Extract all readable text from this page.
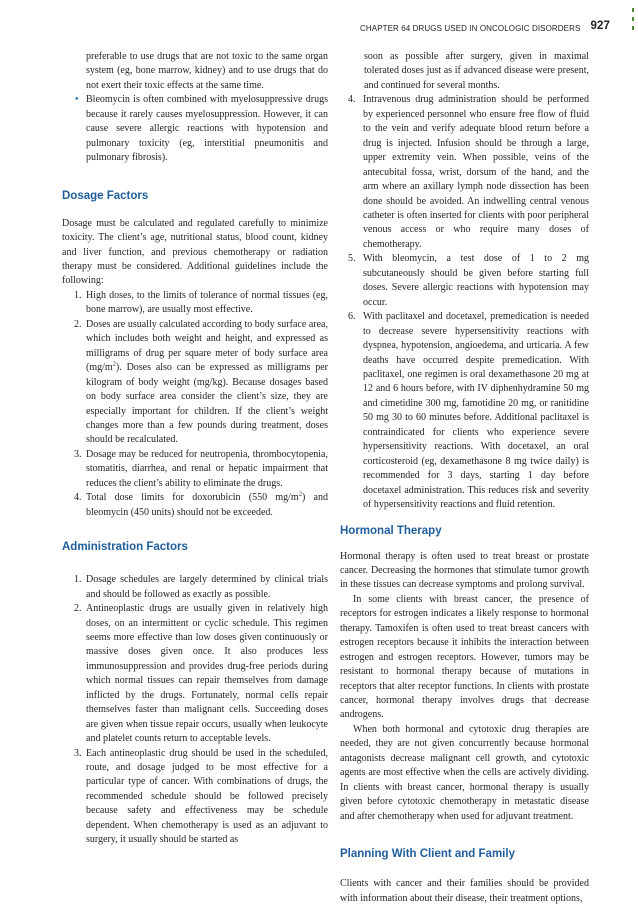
CHAPTER 64 DRUGS USED IN ONCOLOGIC DISORDERS 927

preferable to use drugs that are not toxic to the same organ system (eg, bone marrow, kidney) and to use drugs that do not exert their toxic effects at the same time.

• Bleomycin is often combined with myelosuppressive drugs because it rarely causes myelosuppression. However, it can cause severe allergic reactions with hypotension and pulmonary toxicity (eg, interstitial pneumonitis and pulmonary fibrosis).
Dosage Factors

Dosage must be calculated and regulated carefully to minimize toxicity. The client’s age, nutritional status, blood count, kidney and liver function, and previous chemotherapy or radiation therapy must be considered. Additional guidelines include the following:

1. High doses, to the limits of tolerance of normal tissues (eg, bone marrow), are usually most effective.
2. Doses are usually calculated according to body surface area, which includes both weight and height, and expressed as milligrams of drug per square meter of body surface area $(mg/m^2)$. Doses also can be expressed as milligrams per kilogram of body weight (mg/kg). Because dosages based on body surface area consider the client’s size, they are especially important for children. If the client’s weight changes more than a few pounds during treatment, doses should be recalculated.
3. Dosage may be reduced for neutropenia, thrombocytopenia, stomatitis, diarrhea, and renal or hepatic impairment that reduces the client’s ability to eliminate the drugs.
4. Total dose limits for doxorubicin (550 $mg/m^2$) and bleomycin (450 units) should not be exceeded.
Administration Factors
1. Dosage schedules are largely determined by clinical trials and should be followed as exactly as possible.
2. Antineoplastic drugs are usually given in relatively high doses, on an intermittent or cyclic schedule. This regimen seems more effective than low doses given continuously or massive doses given once. It also produces less immunosuppression and provides drug-free periods during which normal tissues can repair themselves from damage inflicted by the drugs. Fortunately, normal cells repair themselves faster than malignant cells. Succeeding doses are given when tissue repair occurs, usually when leukocyte and platelet counts return to acceptable levels.
3. Each antineoplastic drug should be used in the scheduled, route, and dosage judged to be most effective for a particular type of cancer. With combinations of drugs, the recommended schedule should be followed precisely because safety and effectiveness may be schedule dependent. When chemotherapy is used as an adjuvant to surgery, it usually should be started as

soon as possible after surgery, given in maximal tolerated doses just as if advanced disease were present, and continued for several months.

4. Intravenous drug administration should be performed by experienced personnel who ensure free flow of fluid to the vein and verify adequate blood return before a drug is injected. Infusion should be through a large, upper extremity vein. When possible, veins of the antecubital fossa, wrist, dorsum of the hand, and the arm where an axillary lymph node dissection has been done should be avoided. An indwelling central venous catheter is often inserted for clients with poor peripheral venous access or who require many doses of chemotherapy.
5. With bleomycin, a test dose of 1 to 2 mg subcutaneously should be given before starting full doses. Severe allergic reactions with hypotension may occur.
6. With paclitaxel and docetaxel, premedication is needed to decrease severe hypersensitivity reactions with dyspnea, hypotension, angioedema, and urticaria. A few deaths have occurred despite premedication. With paclitaxel, one regimen is oral dexamethasone 20 mg at 12 and 6 hours before, with IV diphenhydramine 50 mg and cimetidine 300 mg, famotidine 20 mg, or ranitidine 50 mg 30 to 60 minutes before. Additional paclitaxel is contraindicated for clients who experience severe hypersensitivity reactions. With docetaxel, an oral corticosteroid (eg, dexamethasone 8 mg twice daily) is recommended for 3 days, starting 1 day before docetaxel administration. This reduces risk and severity of hypersensitivity reactions and fluid retention.
Hormonal Therapy

Hormonal therapy is often used to treat breast or prostate cancer. Decreasing the hormones that stimulate tumor growth in these tissues can decrease symptoms and prolong survival.

In some clients with breast cancer, the presence of receptors for estrogen indicates a likely response to hormonal therapy. Tamoxifen is often used to treat breast cancers with estrogen receptors because it inhibits the interaction between estrogen and estrogen receptors. However, tumors may be resistant to hormonal therapy because of mutations in receptors that alter receptor functions. In clients with prostate cancer, hormonal therapy involves drugs that decrease androgens.

When both hormonal and cytotoxic drug therapies are needed, they are not given concurrently because hormonal antagonists decrease malignant cell growth, and cytotoxic agents are most effective when the cells are actively dividing. In clients with breast cancer, hormonal therapy is usually given before cytotoxic chemotherapy in metastatic disease and after chemotherapy when used for adjuvant treatment.

Planning With Client and Family

Clients with cancer and their families should be provided with information about their disease, their treatment options,
